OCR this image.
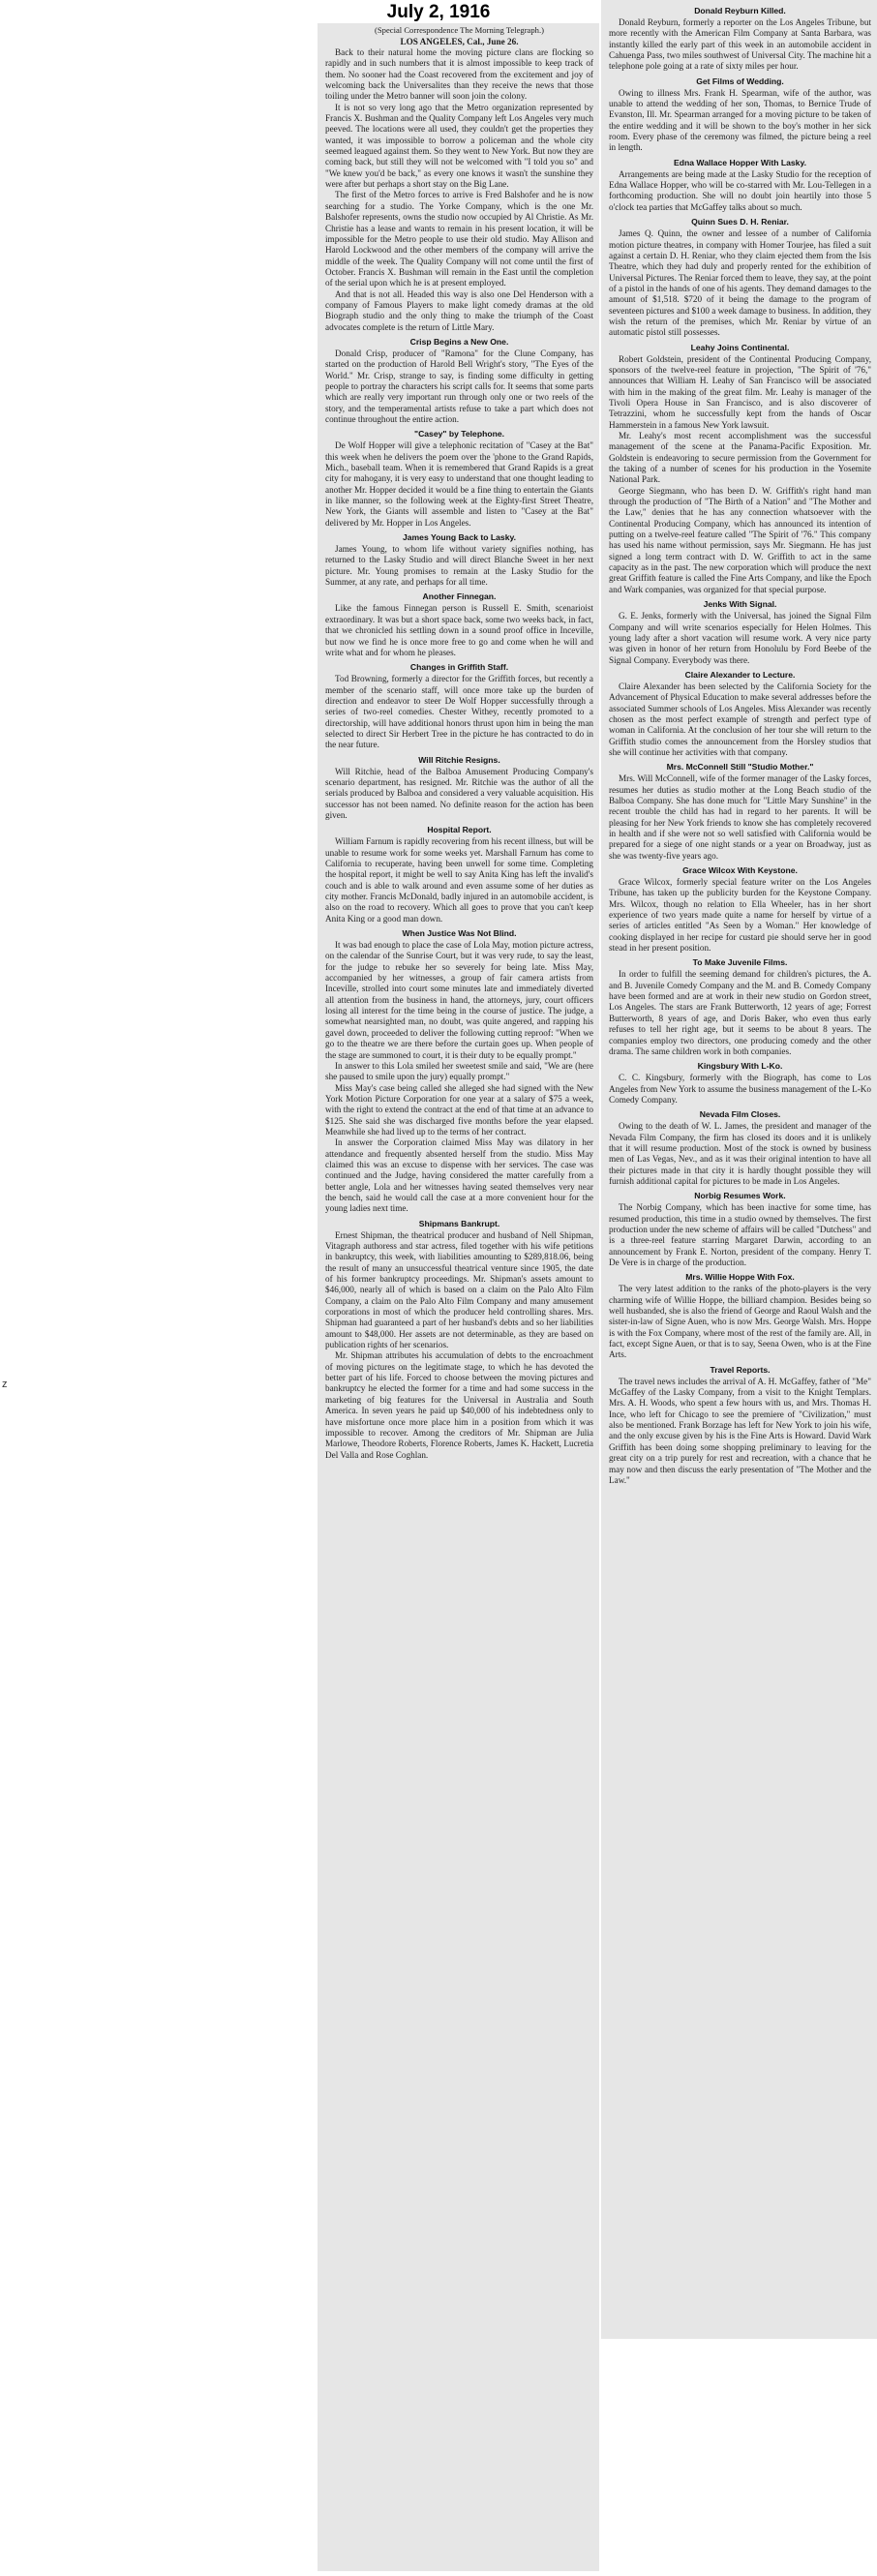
July 2, 1916
z
(Special Correspondence The Morning Telegraph.)
LOS ANGELES, Cal., June 26.

Back to their natural home the moving picture clans are flocking so rapidly and in such numbers that it is almost impossible to keep track of them. No sooner had the Coast recovered from the excitement and joy of welcoming back the Universalites than they receive the news that those toiling under the Metro banner will soon join the colony.

It is not so very long ago that the Metro organization represented by Francis X. Bushman and the Quality Company left Los Angeles very much peeved. The locations were all used, they couldn't get the properties they wanted, it was impossible to borrow a policeman and the whole city seemed leagued against them. So they went to New York. But now they are coming back, but still they will not be welcomed with "I told you so" and "We knew you'd be back," as every one knows it wasn't the sunshine they were after but perhaps a short stay on the Big Lane.

The first of the Metro forces to arrive is Fred Balshofer and he is now searching for a studio. The Yorke Company, which is the one Mr. Balshofer represents, owns the studio now occupied by Al Christie. As Mr. Christie has a lease and wants to remain in his present location, it will be impossible for the Metro people to use their old studio. May Allison and Harold Lockwood and the other members of the company will arrive the middle of the week. The Quality Company will not come until the first of October. Francis X. Bushman will remain in the East until the completion of the serial upon which he is at present employed.

And that is not all. Headed this way is also one Del Henderson with a company of Famous Players to make light comedy dramas at the old Biograph studio and the only thing to make the triumph of the Coast advocates complete is the return of Little Mary.

Crisp Begins a New One.

Donald Crisp, producer of "Ramona" for the Clune Company, has started on the production of Harold Bell Wright's story, "The Eyes of the World." Mr. Crisp, strange to say, is finding some difficulty in getting people to portray the characters his script calls for. It seems that some parts which are really very important run through only one or two reels of the story, and the temperamental artists refuse to take a part which does not continue throughout the entire action.

"Casey" by Telephone.

De Wolf Hopper will give a telephonic recitation of "Casey at the Bat" this week when he delivers the poem over the 'phone to the Grand Rapids, Mich., baseball team. When it is remembered that Grand Rapids is a great city for mahogany, it is very easy to understand that one thought leading to another Mr. Hopper decided it would be a fine thing to entertain the Giants in like manner, so the following week at the Eighty-first Street Theatre, New York, the Giants will assemble and listen to "Casey at the Bat" delivered by Mr. Hopper in Los Angeles.

James Young Back to Lasky.

James Young, to whom life without variety signifies nothing, has returned to the Lasky Studio and will direct Blanche Sweet in her next picture. Mr. Young promises to remain at the Lasky Studio for the Summer, at any rate, and perhaps for all time.

Another Finnegan.

Like the famous Finnegan person is Russell E. Smith, scenarioist extraordinary. It was but a short space back, some two weeks back, in fact, that we chronicled his settling down in a sound proof office in Inceville, but now we find he is once more free to go and come when he will and write what and for whom he pleases.

Changes in Griffith Staff.

Tod Browning, formerly a director for the Griffith forces, but recently a member of the scenario staff, will once more take up the burden of direction and endeavor to steer De Wolf Hopper successfully through a series of two-reel comedies. Chester Withey, recently promoted to a directorship, will have additional honors thrust upon him in being the man selected to direct Sir Herbert Tree in the picture he has contracted to do in the near future.

Will Ritchie Resigns.

Will Ritchie, head of the Balboa Amusement Producing Company's scenario department, has resigned. Mr. Ritchie was the author of all the serials produced by Balboa and considered a very valuable acquisition. His successor has not been named. No definite reason for the action has been given.

Hospital Report.

William Farnum is rapidly recovering from his recent illness, but will be unable to resume work for some weeks yet. Marshall Farnum has come to California to recuperate, having been unwell for some time. Completing the hospital report, it might be well to say Anita King has left the invalid's couch and is able to walk around and even assume some of her duties as city mother. Francis McDonald, badly injured in an automobile accident, is also on the road to recovery. Which all goes to prove that you can't keep Anita King or a good man down.

When Justice Was Not Blind.

It was bad enough to place the case of Lola May, motion picture actress, on the calendar of the Sunrise Court, but it was very rude, to say the least, for the judge to rebuke her so severely for being late. Miss May, accompanied by her witnesses, a group of fair camera artists from Inceville, strolled into court some minutes late and immediately diverted all attention from the business in hand, the attorneys, jury, court officers losing all interest for the time being in the course of justice. The judge, a somewhat nearsighted man, no doubt, was quite angered, and rapping his gavel down, proceeded to deliver the following cutting reproof: "When we go to the theatre we are there before the curtain goes up. When people of the stage are summoned to court, it is their duty to be equally prompt."

In answer to this Lola smiled her sweetest smile and said, "We are (here she paused to smile upon the jury) equally prompt."

Miss May's case being called she alleged she had signed with the New York Motion Picture Corporation for one year at a salary of $75 a week, with the right to extend the contract at the end of that time at an advance to $125. She said she was discharged five months before the year elapsed. Meanwhile she had lived up to the terms of her contract.

In answer the Corporation claimed Miss May was dilatory in her attendance and frequently absented herself from the studio. Miss May claimed this was an excuse to dispense with her services. The case was continued and the Judge, having considered the matter carefully from a better angle, Lola and her witnesses having seated themselves very near the bench, said he would call the case at a more convenient hour for the young ladies next time.

Shipmans Bankrupt.

Ernest Shipman, the theatrical producer and husband of Nell Shipman, Vitagraph authoress and star actress, filed together with his wife petitions in bankruptcy, this week, with liabilities amounting to $289,818.06, being the result of many an unsuccessful theatrical venture since 1905, the date of his former bankruptcy proceedings. Mr. Shipman's assets amount to $46,000, nearly all of which is based on a claim on the Palo Alto Film Company, a claim on the Palo Alto Film Company and many amusement corporations in most of which the producer held controlling shares. Mrs. Shipman had guaranteed a part of her husband's debts and so her liabilities amount to $48,000. Her assets are not determinable, as they are based on publication rights of her scenarios.

Mr. Shipman attributes his accumulation of debts to the encroachment of moving pictures on the legitimate stage, to which he has devoted the better part of his life. Forced to choose between the moving pictures and bankruptcy he elected the former for a time and had some success in the marketing of big features for the Universal in Australia and South America. In seven years he paid up $40,000 of his indebtedness only to have misfortune once more place him in a position from which it was impossible to recover. Among the creditors of Mr. Shipman are Julia Marlowe, Theodore Roberts, Florence Roberts, James K. Hackett, Lucretia Del Valla and Rose Coghlan.

Donald Reyburn Killed.

Donald Reyburn, formerly a reporter on the Los Angeles Tribune, but more recently with the American Film Company at Santa Barbara, was instantly killed the early part of this week in an automobile accident in Cahuenga Pass, two miles southwest of Universal City. The machine hit a telephone pole going at a rate of sixty miles per hour.

Get Films of Wedding.

Owing to illness Mrs. Frank H. Spearman, wife of the author, was unable to attend the wedding of her son, Thomas, to Bernice Trude of Evanston, Ill. Mr. Spearman arranged for a moving picture to be taken of the entire wedding and it will be shown to the boy's mother in her sick room. Every phase of the ceremony was filmed, the picture being a reel in length.

Edna Wallace Hopper With Lasky.

Arrangements are being made at the Lasky Studio for the reception of Edna Wallace Hopper, who will be co-starred with Mr. Lou-Tellegen in a forthcoming production. She will no doubt join heartily into those 5 o'clock tea parties that McGaffey talks about so much.

Quinn Sues D. H. Reniar.

James Q. Quinn, the owner and lessee of a number of California motion picture theatres, in company with Homer Tourjee, has filed a suit against a certain D. H. Reniar, who they claim ejected them from the Isis Theatre, which they had duly and properly rented for the exhibition of Universal Pictures. The Reniar forced them to leave, they say, at the point of a pistol in the hands of one of his agents. They demand damages to the amount of $1,518. $720 of it being the damage to the program of seventeen pictures and $100 a week damage to business. In addition, they wish the return of the premises, which Mr. Reniar by virtue of an automatic pistol still possesses.

Leahy Joins Continental.

Robert Goldstein, president of the Continental Producing Company, sponsors of the twelve-reel feature in projection, "The Spirit of '76," announces that William H. Leahy of San Francisco will be associated with him in the making of the great film. Mr. Leahy is manager of the Tivoli Opera House in San Francisco, and is also discoverer of Tetrazzini, whom he successfully kept from the hands of Oscar Hammerstein in a famous New York lawsuit.

Mr. Leahy's most recent accomplishment was the successful management of the scene at the Panama-Pacific Exposition. Mr. Goldstein is endeavoring to secure permission from the Government for the taking of a number of scenes for his production in the Yosemite National Park.

George Siegmann, who has been D. W. Griffith's right hand man through the production of "The Birth of a Nation" and "The Mother and the Law," denies that he has any connection whatsoever with the Continental Producing Company, which has announced its intention of putting on a twelve-reel feature called "The Spirit of '76." This company has used his name without permission, says Mr. Siegmann. He has just signed a long term contract with D. W. Griffith to act in the same capacity as in the past. The new corporation which will produce the next great Griffith feature is called the Fine Arts Company, and like the Epoch and Wark companies, was organized for that special purpose.

Jenks With Signal.

G. E. Jenks, formerly with the Universal, has joined the Signal Film Company and will write scenarios especially for Helen Holmes. This young lady after a short vacation will resume work. A very nice party was given in honor of her return from Honolulu by Ford Beebe of the Signal Company. Everybody was there.

Claire Alexander to Lecture.

Claire Alexander has been selected by the California Society for the Advancement of Physical Education to make several addresses before the associated Summer schools of Los Angeles. Miss Alexander was recently chosen as the most perfect example of strength and perfect type of woman in California. At the conclusion of her tour she will return to the Griffith studio comes the announcement from the Horsley studios that she will continue her activities with that company.

Mrs. McConnell Still "Studio Mother."

Mrs. Will McConnell, wife of the former manager of the Lasky forces, resumes her duties as studio mother at the Long Beach studio of the Balboa Company. She has done much for "Little Mary Sunshine" in the recent trouble the child has had in regard to her parents. It will be pleasing for her New York friends to know she has completely recovered in health and if she were not so well satisfied with California would be prepared for a siege of one night stands or a year on Broadway, just as she was twenty-five years ago.

Grace Wilcox With Keystone.

Grace Wilcox, formerly special feature writer on the Los Angeles Tribune, has taken up the publicity burden for the Keystone Company. Mrs. Wilcox, though no relation to Ella Wheeler, has in her short experience of two years made quite a name for herself by virtue of a series of articles entitled "As Seen by a Woman." Her knowledge of cooking displayed in her recipe for custard pie should serve her in good stead in her present position.

To Make Juvenile Films.

In order to fulfill the seeming demand for children's pictures, the A. and B. Juvenile Comedy Company and the M. and B. Comedy Company have been formed and are at work in their new studio on Gordon street, Los Angeles. The stars are Frank Butterworth, 12 years of age; Forrest Butterworth, 8 years of age, and Doris Baker, who even thus early refuses to tell her right age, but it seems to be about 8 years. The companies employ two directors, one producing comedy and the other drama. The same children work in both companies.

Kingsbury With L-Ko.

C. C. Kingsbury, formerly with the Biograph, has come to Los Angeles from New York to assume the business management of the L-Ko Comedy Company.

Nevada Film Closes.

Owing to the death of W. L. James, the president and manager of the Nevada Film Company, the firm has closed its doors and it is unlikely that it will resume production. Most of the stock is owned by business men of Las Vegas, Nev., and as it was their original intention to have all their pictures made in that city it is hardly thought possible they will furnish additional capital for pictures to be made in Los Angeles.

Norbig Resumes Work.

The Norbig Company, which has been inactive for some time, has resumed production, this time in a studio owned by themselves. The first production under the new scheme of affairs will be called "Dutchess" and is a three-reel feature starring Margaret Darwin, according to an announcement by Frank E. Norton, president of the company. Henry T. De Vere is in charge of the production.

Mrs. Willie Hoppe With Fox.

The very latest addition to the ranks of the photo-players is the very charming wife of Willie Hoppe, the billiard champion. Besides being so well husbanded, she is also the friend of George and Raoul Walsh and the sister-in-law of Signe Auen, who is now Mrs. George Walsh. Mrs. Hoppe is with the Fox Company, where most of the rest of the family are. All, in fact, except Signe Auen, or that is to say, Seena Owen, who is at the Fine Arts.

Travel Reports.

The travel news includes the arrival of A. H. McGaffey, father of "Me" McGaffey of the Lasky Company, from a visit to the Knight Templars. Mrs. A. H. Woods, who spent a few hours with us, and Mrs. Thomas H. Ince, who left for Chicago to see the premiere of "Civilization," must also be mentioned. Frank Borzage has left for New York to join his wife, and the only excuse given by his is the Fine Arts is Howard. David Wark Griffith has been doing some shopping preliminary to leaving for the great city on a trip purely for rest and recreation, with a chance that he may now and then discuss the early presentation of "The Mother and the Law."
